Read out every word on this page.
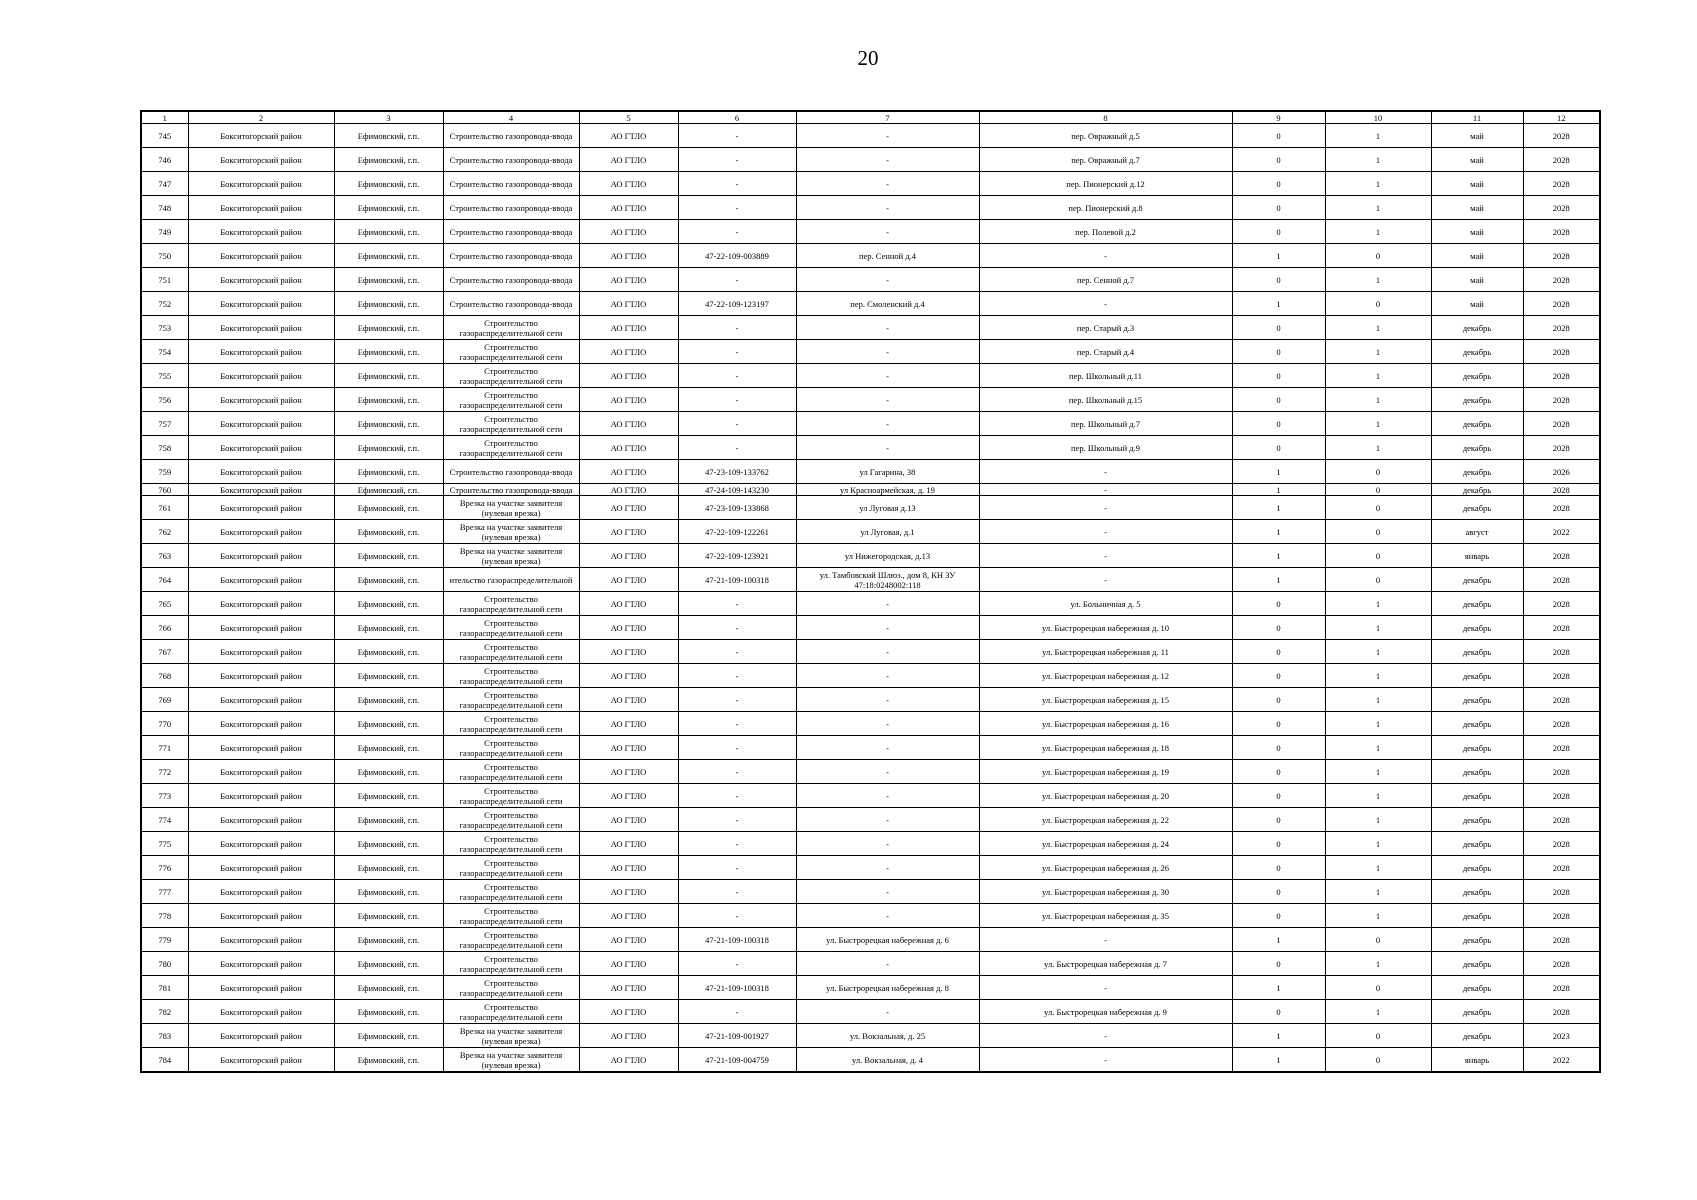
20
1	2	3	4	5	6	7	8	9	10	11	12
745	Бокситогорский район	Ефимовский, г.п.	Строительство газопровода-ввода	АО ГТЛО	-	-	пер. Овражный д.5	0	1	май	2028
746	Бокситогорский район	Ефимовский, г.п.	Строительство газопровода-ввода	АО ГТЛО	-	-	пер. Овражный д.7	0	1	май	2028
747	Бокситогорский район	Ефимовский, г.п.	Строительство газопровода-ввода	АО ГТЛО	-	-	пер. Пионерский д.12	0	1	май	2028
748	Бокситогорский район	Ефимовский, г.п.	Строительство газопровода-ввода	АО ГТЛО	-	-	пер. Пионерский д.8	0	1	май	2028
749	Бокситогорский район	Ефимовский, г.п.	Строительство газопровода-ввода	АО ГТЛО	-	-	пер. Полевой д.2	0	1	май	2028
750	Бокситогорский район	Ефимовский, г.п.	Строительство газопровода-ввода	АО ГТЛО	47-22-109-003889	пер. Сенной д.4	-	1	0	май	2028
751	Бокситогорский район	Ефимовский, г.п.	Строительство газопровода-ввода	АО ГТЛО	-	-	пер. Сенной д.7	0	1	май	2028
752	Бокситогорский район	Ефимовский, г.п.	Строительство газопровода-ввода	АО ГТЛО	47-22-109-123197	пер. Смоленский д.4	-	1	0	май	2028
753	Бокситогорский район	Ефимовский, г.п.	Строительство газораспределительной сети	АО ГТЛО	-	-	пер. Старый д.3	0	1	декабрь	2028
754	Бокситогорский район	Ефимовский, г.п.	Строительство газораспределительной сети	АО ГТЛО	-	-	пер. Старый д.4	0	1	декабрь	2028
755	Бокситогорский район	Ефимовский, г.п.	Строительство газораспределительной сети	АО ГТЛО	-	-	пер. Школьный д.11	0	1	декабрь	2028
756	Бокситогорский район	Ефимовский, г.п.	Строительство газораспределительной сети	АО ГТЛО	-	-	пер. Школьный д.15	0	1	декабрь	2028
757	Бокситогорский район	Ефимовский, г.п.	Строительство газораспределительной сети	АО ГТЛО	-	-	пер. Школьный д.7	0	1	декабрь	2028
758	Бокситогорский район	Ефимовский, г.п.	Строительство газораспределительной сети	АО ГТЛО	-	-	пер. Школьный д.9	0	1	декабрь	2028
759	Бокситогорский район	Ефимовский, г.п.	Строительство газопровода-ввода	АО ГТЛО	47-23-109-133762	ул Гагарина, 38	-	1	0	декабрь	2026
760	Бокситогорский район	Ефимовский, г.п.	Строительство газопровода-ввода	АО ГТЛО	47-24-109-143230	ул Красноармейская, д. 19	-	1	0	декабрь	2028
761	Бокситогорский район	Ефимовский, г.п.	Врезка на участке заявителя (нулевая врезка)	АО ГТЛО	47-23-109-133868	ул Луговая д.13	-	1	0	декабрь	2028
762	Бокситогорский район	Ефимовский, г.п.	Врезка на участке заявителя (нулевая врезка)	АО ГТЛО	47-22-109-122261	ул Луговая, д.1	-	1	0	август	2022
763	Бокситогорский район	Ефимовский, г.п.	Врезка на участке заявителя (нулевая врезка)	АО ГТЛО	47-22-109-123921	ул Нижегородская, д.13	-	1	0	январь	2028
764	Бокситогорский район	Ефимовский, г.п.	ительство газораспределительной	АО ГТЛО	47-21-109-100318	ул. Тамбовский Шлюз., дом 8, КН ЗУ 47:18:0248002:118	-	1	0	декабрь	2028
765	Бокситогорский район	Ефимовский, г.п.	Строительство газораспределительной сети	АО ГТЛО	-	-	ул. Больничная д. 5	0	1	декабрь	2028
766	Бокситогорский район	Ефимовский, г.п.	Строительство газораспределительной сети	АО ГТЛО	-	-	ул. Быстрорецкая набережная д. 10	0	1	декабрь	2028
767	Бокситогорский район	Ефимовский, г.п.	Строительство газораспределительной сети	АО ГТЛО	-	-	ул. Быстрорецкая набережная д. 11	0	1	декабрь	2028
768	Бокситогорский район	Ефимовский, г.п.	Строительство газораспределительной сети	АО ГТЛО	-	-	ул. Быстрорецкая набережная д. 12	0	1	декабрь	2028
769	Бокситогорский район	Ефимовский, г.п.	Строительство газораспределительной сети	АО ГТЛО	-	-	ул. Быстрорецкая набережная д. 15	0	1	декабрь	2028
770	Бокситогорский район	Ефимовский, г.п.	Строительство газораспределительной сети	АО ГТЛО	-	-	ул. Быстрорецкая набережная д. 16	0	1	декабрь	2028
771	Бокситогорский район	Ефимовский, г.п.	Строительство газораспределительной сети	АО ГТЛО	-	-	ул. Быстрорецкая набережная д. 18	0	1	декабрь	2028
772	Бокситогорский район	Ефимовский, г.п.	Строительство газораспределительной сети	АО ГТЛО	-	-	ул. Быстрорецкая набережная д. 19	0	1	декабрь	2028
773	Бокситогорский район	Ефимовский, г.п.	Строительство газораспределительной сети	АО ГТЛО	-	-	ул. Быстрорецкая набережная д. 20	0	1	декабрь	2028
774	Бокситогорский район	Ефимовский, г.п.	Строительство газораспределительной сети	АО ГТЛО	-	-	ул. Быстрорецкая набережная д. 22	0	1	декабрь	2028
775	Бокситогорский район	Ефимовский, г.п.	Строительство газораспределительной сети	АО ГТЛО	-	-	ул. Быстрорецкая набережная д. 24	0	1	декабрь	2028
776	Бокситогорский район	Ефимовский, г.п.	Строительство газораспределительной сети	АО ГТЛО	-	-	ул. Быстрорецкая набережная д. 26	0	1	декабрь	2028
777	Бокситогорский район	Ефимовский, г.п.	Строительство газораспределительной сети	АО ГТЛО	-	-	ул. Быстрорецкая набережная д. 30	0	1	декабрь	2028
778	Бокситогорский район	Ефимовский, г.п.	Строительство газораспределительной сети	АО ГТЛО	-	-	ул. Быстрорецкая набережная д. 35	0	1	декабрь	2028
779	Бокситогорский район	Ефимовский, г.п.	Строительство газораспределительной сети	АО ГТЛО	47-21-109-100318	ул. Быстрорецкая набережная д. 6	-	1	0	декабрь	2028
780	Бокситогорский район	Ефимовский, г.п.	Строительство газораспределительной сети	АО ГТЛО	-	-	ул. Быстрорецкая набережная д. 7	0	1	декабрь	2028
781	Бокситогорский район	Ефимовский, г.п.	Строительство газораспределительной сети	АО ГТЛО	47-21-109-100318	ул. Быстрорецкая набережная д. 8	-	1	0	декабрь	2028
782	Бокситогорский район	Ефимовский, г.п.	Строительство газораспределительной сети	АО ГТЛО	-	-	ул. Быстрорецкая набережная д. 9	0	1	декабрь	2028
783	Бокситогорский район	Ефимовский, г.п.	Врезка на участке заявителя (нулевая врезка)	АО ГТЛО	47-21-109-001927	ул. Вокзальная, д. 25	-	1	0	декабрь	2023
784	Бокситогорский район	Ефимовский, г.п.	Врезка на участке заявителя (нулевая врезка)	АО ГТЛО	47-21-109-004759	ул. Вокзальная, д. 4	-	1	0	январь	2022
